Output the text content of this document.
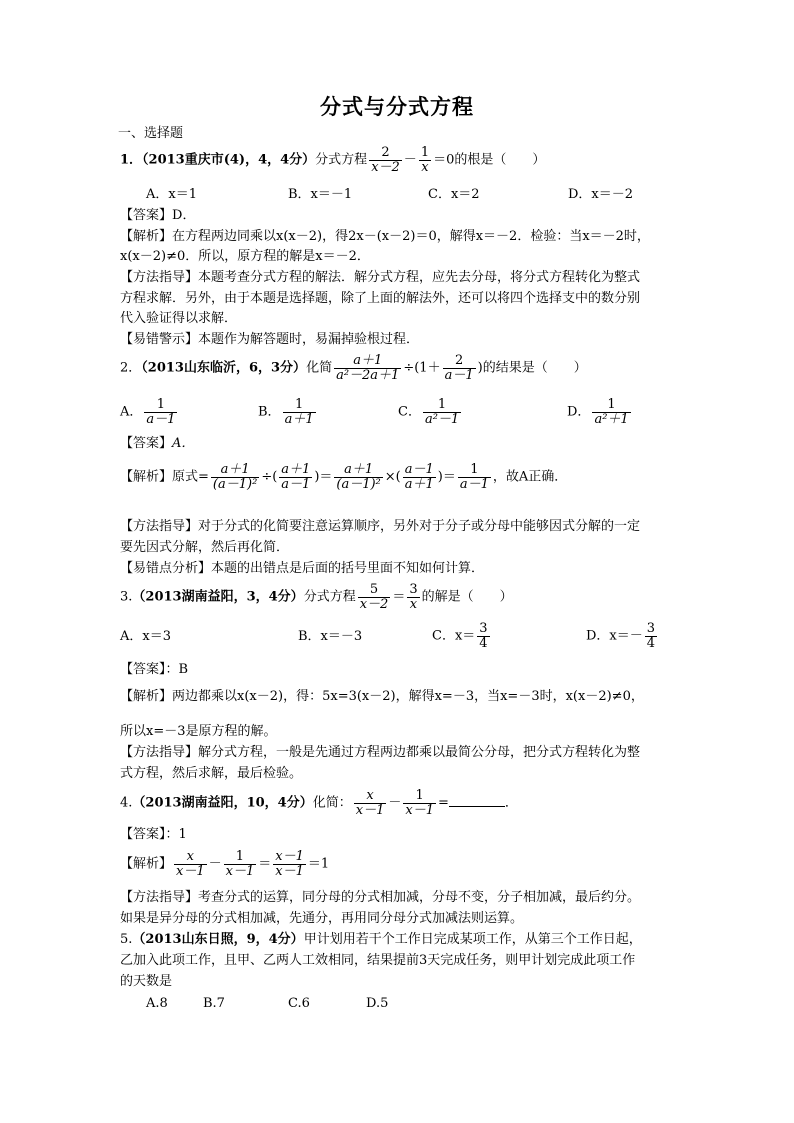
分式与分式方程
一、选择题
1．（2013重庆市(4)，4，4分）分式方程 $\frac{2}{x-2} - \frac{1}{x} =0$的根是（　　）
A．x＝1	B．x＝－1	C．x＝2	D．x＝－2
【答案】D．
【解析】在方程两边同乘以x(x－2)，得2x－(x－2)＝0，解得x＝－2．检验：当x＝－2时，
x(x－2)≠0．所以，原方程的解是x＝－2．
【方法指导】本题考查分式方程的解法．解分式方程，应先去分母，将分式方程转化为整式
方程求解．另外，由于本题是选择题，除了上面的解法外，还可以将四个选择支中的数分别
代入验证得以求解．
【易错警示】本题作为解答题时，易漏掉验根过程．
2．（2013山东临沂，6，3分）化简 $\frac{a+1}{\text{a²－2a＋1}} \div(1+ \frac{2}{a-1}$ )的结果是（　　）
A． $\frac{1}{a-1}$	B． $\frac{1}{a+1}$	C． $\frac{1}{\text{a²－1}}$	D． $\frac{1}{\text{a²＋1}}$
【答案】A．
【解析】原式= $\frac{a+1}{\text{(a－1)²}}$ ÷( $\frac{a+1}{a-1}$ )＝ $\frac{a+1}{\text{(a－1)²}}$ ×( $\frac{a-1}{a+1}$ )＝ $\frac{1}{a-1}$ ，故A正确．
【方法指导】对于分式的化简要注意运算顺序，另外对于分子或分母中能够因式分解的一定
要先因式分解，然后再化简．
【易错点分析】本题的出错点是后面的括号里面不知如何计算．
3.（2013湖南益阳，3，4分）分式方程 $\frac{5}{x-2} = \frac{3}{x}$ 的解是（　　）
A．x＝3	B．x＝－3	C．$x= \frac{3}{4}$	D．$x=- \frac{3}{4}$
【答案】：B
【解析】两边都乘以x(x－2)，得：5x=3(x－2)，解得x=－3，当x=－3时，x(x－2)≠0，
所以x=－3是原方程的解。
【方法指导】解分式方程，一般是先通过方程两边都乘以最简公分母，把分式方程转化为整
式方程，然后求解，最后检验。
4.（2013湖南益阳，10，4分）化简： $\frac{x}{x-1} - \frac{1}{x-1}$ =	．
【答案】：1
【解析】 $\frac{x}{x-1} - \frac{1}{x-1} = \frac{x-1}{x-1} =1$
【方法指导】考查分式的运算，同分母的分式相加减，分母不变，分子相加减，最后约分。
如果是异分母的分式相加减，先通分，再用同分母分式加减法则运算。
5.（2013山东日照，9，4分）甲计划用若干个工作日完成某项工作，从第三个工作日起，
乙加入此项工作，且甲、乙两人工效相同，结果提前3天完成任务，则甲计划完成此项工作
的天数是
A.8	B.7	C.6	D.5
